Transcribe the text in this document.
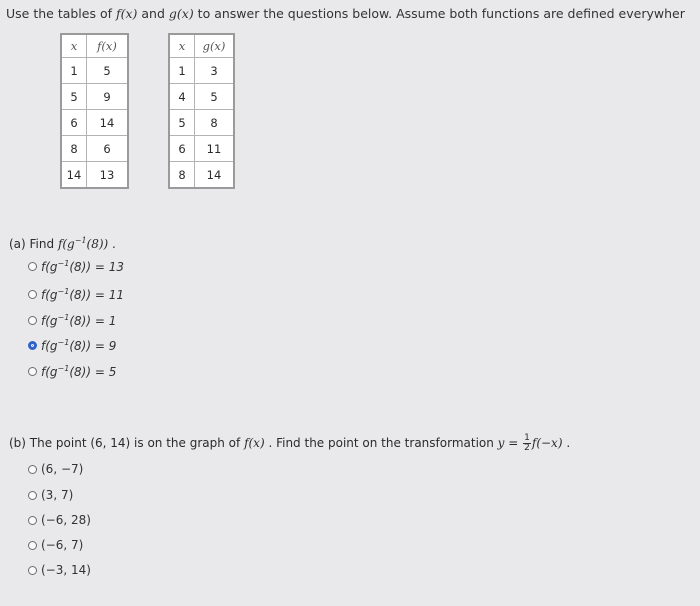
Use the tables of f(x) and g(x) to answer the questions below. Assume both functions are defined everywher
x	f(x)
1	5
5	9
6	14
8	6
14	13
x	g(x)
1	3
4	5
5	8
6	11
8	14
(a) Find $f(g^{-1}(8))$ .
$f(g^{-1}(8)) = 13$
$f(g^{-1}(8)) = 11$
$f(g^{-1}(8)) = 1$
$f(g^{-1}(8)) = 9$
$f(g^{-1}(8)) = 5$
(b) The point (6, 14) is on the graph of f(x) . Find the point on the transformation $y = \frac{1}{2} f(-x)$ .
(6, −7)
(3, 7)
(−6, 28)
(−6, 7)
(−3, 14)
